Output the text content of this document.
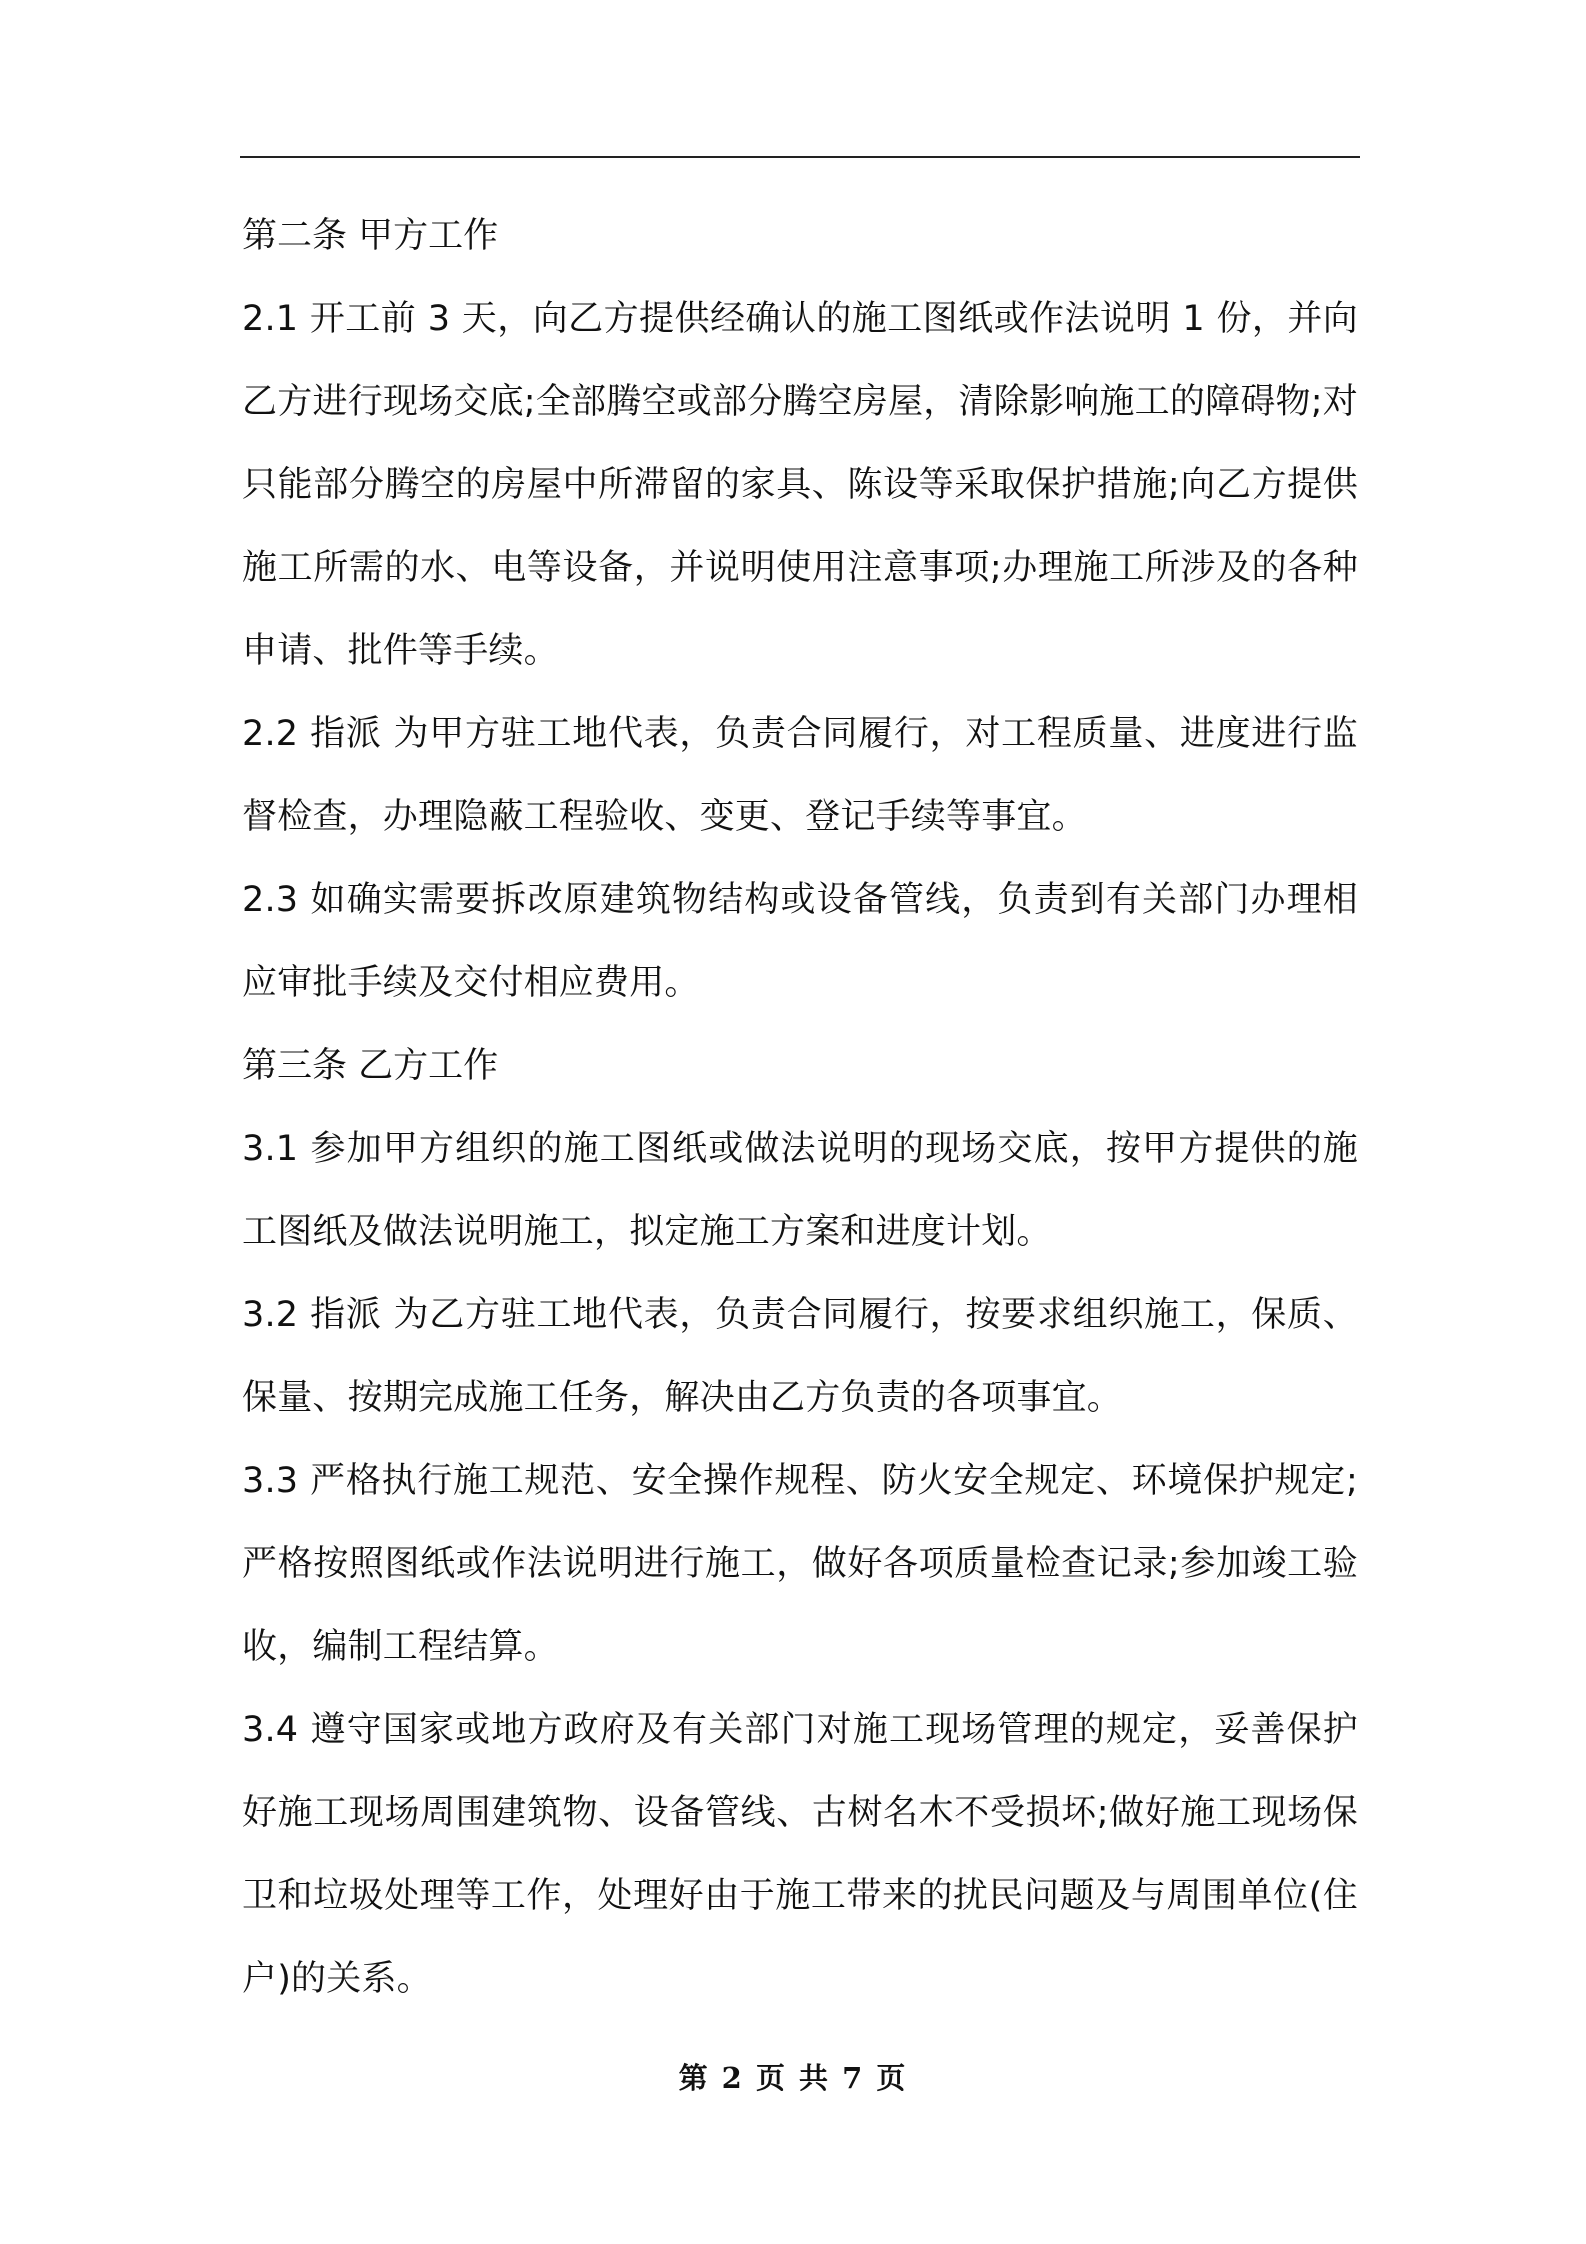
第二条 甲方工作

2.1 开工前 3 天，向乙方提供经确认的施工图纸或作法说明 1 份，并向乙方进行现场交底;全部腾空或部分腾空房屋，清除影响施工的障碍物;对只能部分腾空的房屋中所滞留的家具、陈设等采取保护措施;向乙方提供施工所需的水、电等设备，并说明使用注意事项;办理施工所涉及的各种申请、批件等手续。

2.2 指派 为甲方驻工地代表，负责合同履行，对工程质量、进度进行监督检查，办理隐蔽工程验收、变更、登记手续等事宜。

2.3 如确实需要拆改原建筑物结构或设备管线，负责到有关部门办理相应审批手续及交付相应费用。

第三条 乙方工作

3.1 参加甲方组织的施工图纸或做法说明的现场交底，按甲方提供的施工图纸及做法说明施工，拟定施工方案和进度计划。

3.2 指派 为乙方驻工地代表，负责合同履行，按要求组织施工，保质、保量、按期完成施工任务，解决由乙方负责的各项事宜。

3.3 严格执行施工规范、安全操作规程、防火安全规定、环境保护规定;严格按照图纸或作法说明进行施工，做好各项质量检查记录;参加竣工验收，编制工程结算。

3.4 遵守国家或地方政府及有关部门对施工现场管理的规定，妥善保护好施工现场周围建筑物、设备管线、古树名木不受损坏;做好施工现场保卫和垃圾处理等工作，处理好由于施工带来的扰民问题及与周围单位(住户)的关系。

第 2 页 共 7 页
